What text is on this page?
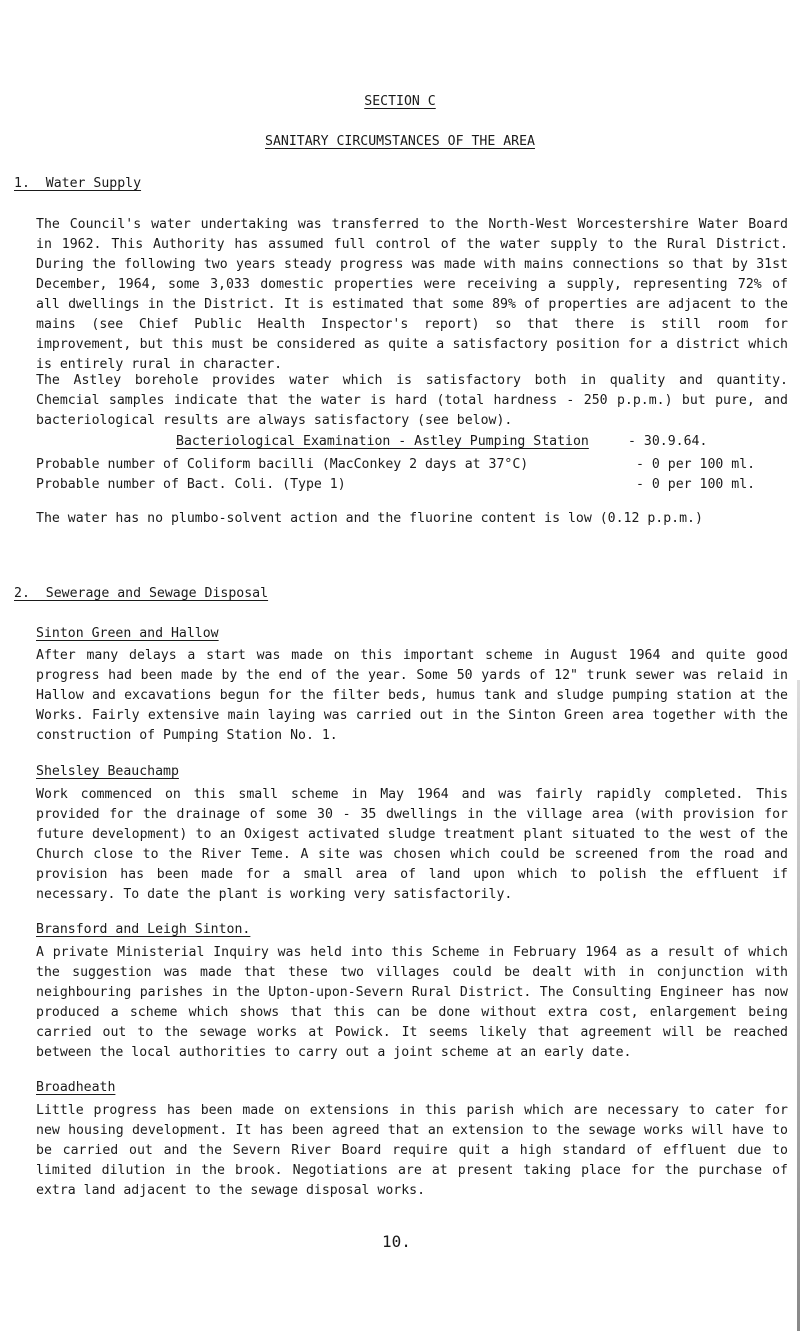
SECTION C
SANITARY CIRCUMSTANCES OF THE AREA
1.  Water Supply
The Council's water undertaking was transferred to the North-West Worcestershire Water Board in 1962. This Authority has assumed full control of the water supply to the Rural District. During the following two years steady progress was made with mains connections so that by 31st December, 1964, some 3,033 domestic properties were receiving a supply, representing 72% of all dwellings in the District. It is estimated that some 89% of properties are adjacent to the mains (see Chief Public Health Inspector's report) so that there is still room for improvement, but this must be considered as quite a satisfactory position for a district which is entirely rural in character.
The Astley borehole provides water which is satisfactory both in quality and quantity. Chemcial samples indicate that the water is hard (total hardness - 250 p.p.m.) but pure, and bacteriological results are always satisfactory (see below).
Bacteriological Examination - Astley Pumping Station	- 30.9.64.
Probable number of Coliform bacilli (MacConkey 2 days at 37°C)	- 0 per 100 ml.
Probable number of Bact. Coli. (Type 1)	- 0 per 100 ml.
The water has no plumbo-solvent action and the fluorine content is low (0.12 p.p.m.)
2.  Sewerage and Sewage Disposal
Sinton Green and Hallow
After many delays a start was made on this important scheme in August 1964 and quite good progress had been made by the end of the year. Some 50 yards of 12" trunk sewer was relaid in Hallow and excavations begun for the filter beds, humus tank and sludge pumping station at the Works. Fairly extensive main laying was carried out in the Sinton Green area together with the construction of Pumping Station No. 1.
Shelsley Beauchamp
Work commenced on this small scheme in May 1964 and was fairly rapidly completed. This provided for the drainage of some 30 - 35 dwellings in the village area (with provision for future development) to an Oxigest activated sludge treatment plant situated to the west of the Church close to the River Teme. A site was chosen which could be screened from the road and provision has been made for a small area of land upon which to polish the effluent if necessary. To date the plant is working very satisfactorily.
Bransford and Leigh Sinton.
A private Ministerial Inquiry was held into this Scheme in February 1964 as a result of which the suggestion was made that these two villages could be dealt with in conjunction with neighbouring parishes in the Upton-upon-Severn Rural District. The Consulting Engineer has now produced a scheme which shows that this can be done without extra cost, enlargement being carried out to the sewage works at Powick. It seems likely that agreement will be reached between the local authorities to carry out a joint scheme at an early date.
Broadheath
Little progress has been made on extensions in this parish which are necessary to cater for new housing development. It has been agreed that an extension to the sewage works will have to be carried out and the Severn River Board require quit a high standard of effluent due to limited dilution in the brook. Negotiations are at present taking place for the purchase of extra land adjacent to the sewage disposal works.
10.
